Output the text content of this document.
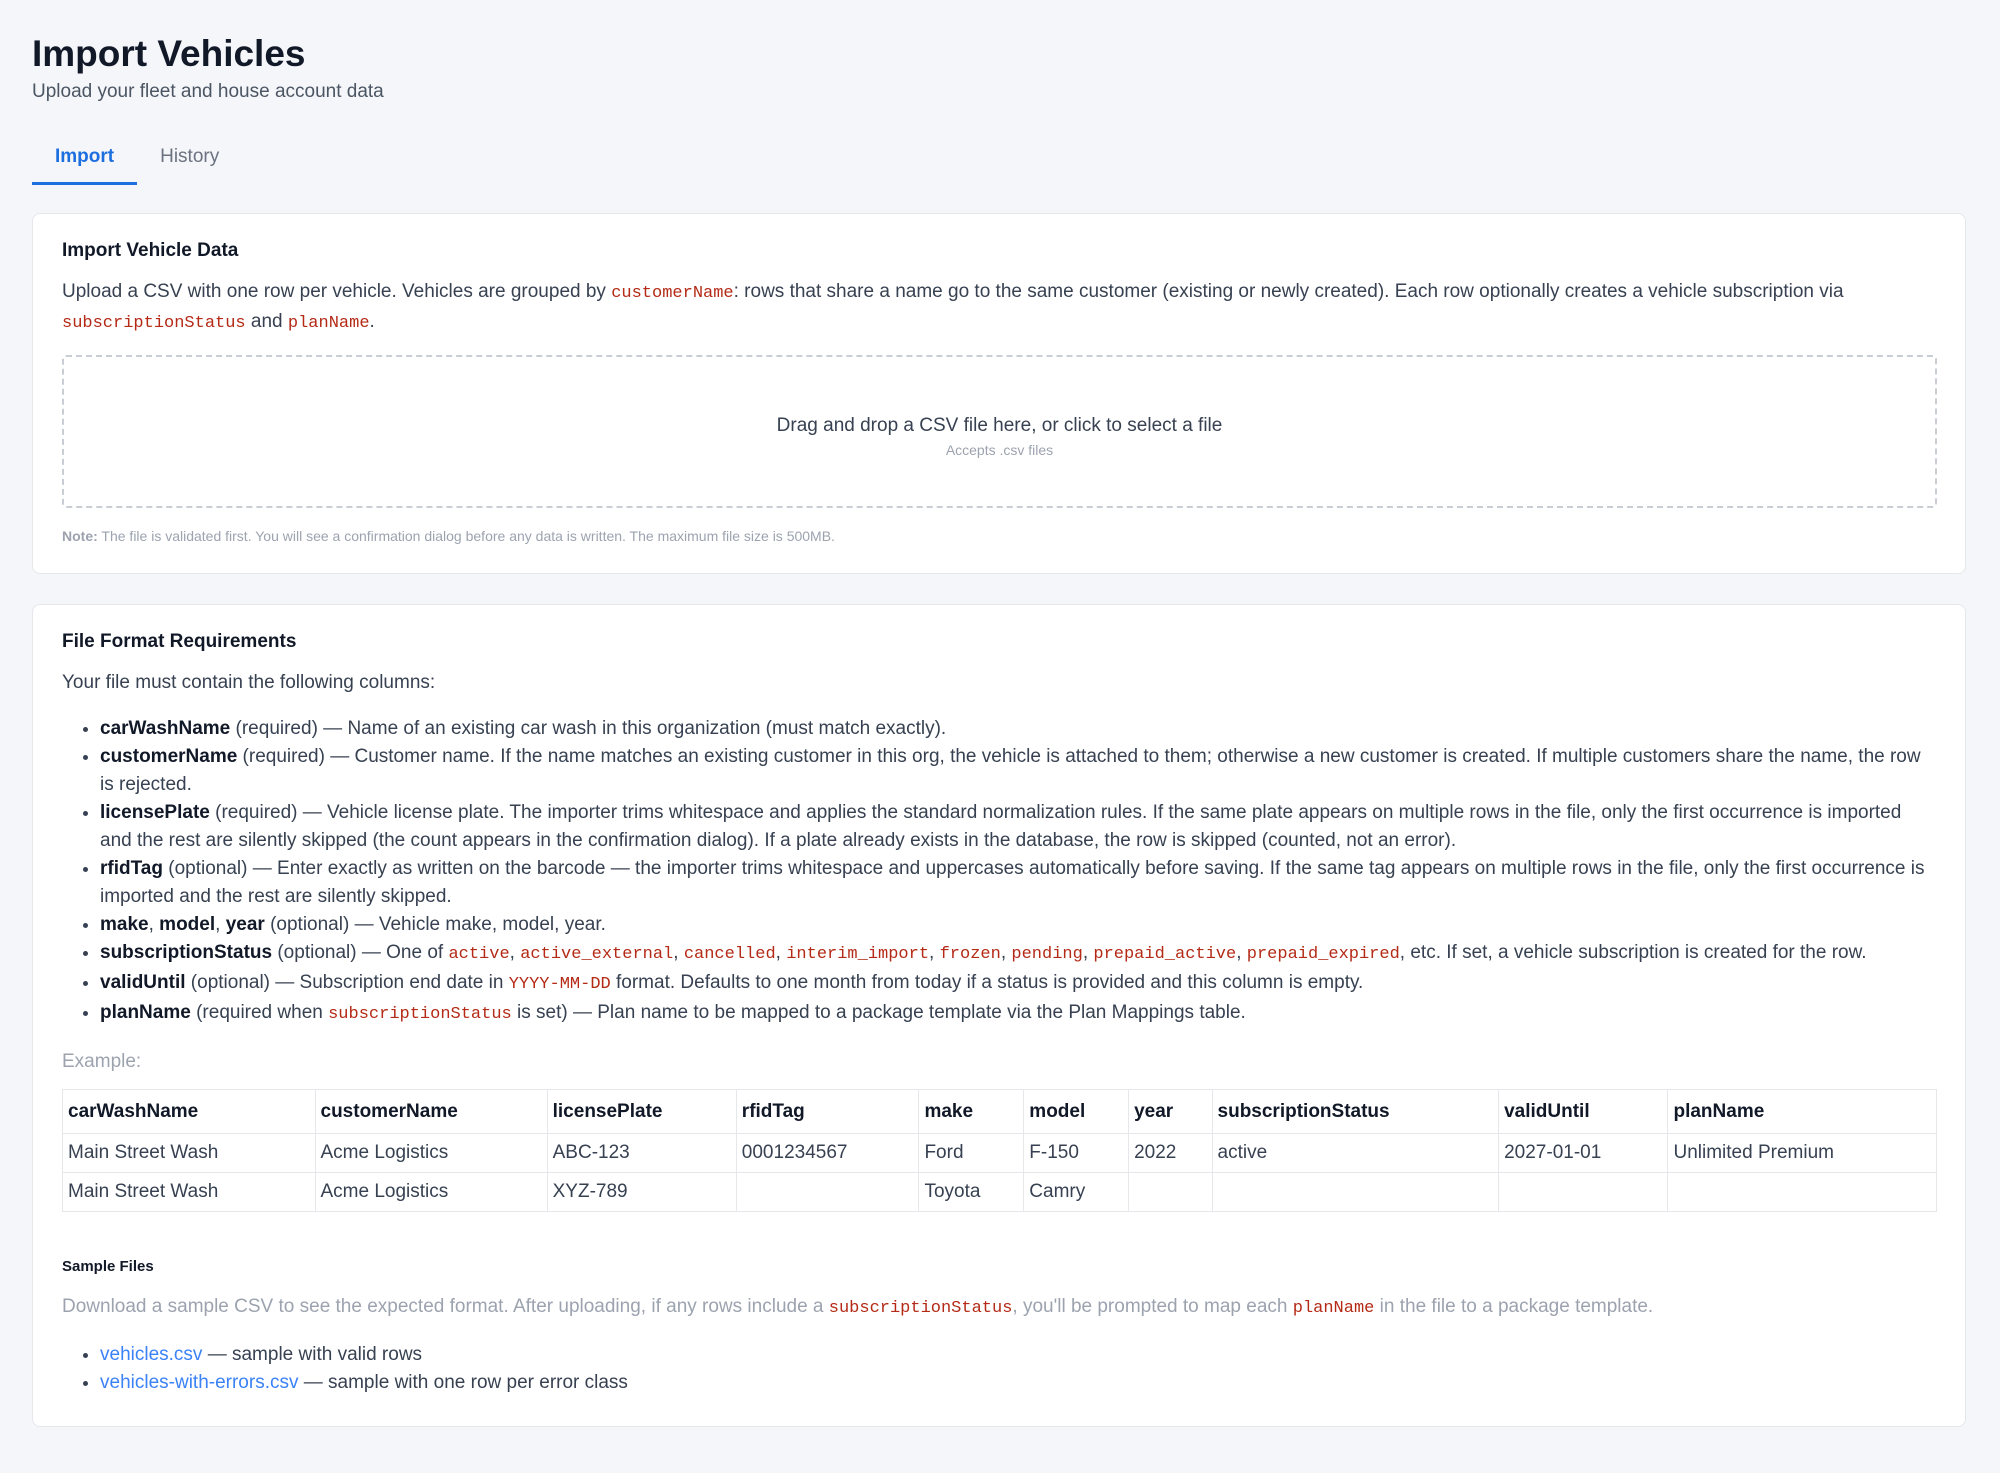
Import Vehicles
Upload your fleet and house account data
Import	History
Import Vehicle Data
Upload a CSV with one row per vehicle. Vehicles are grouped by customerName: rows that share a name go to the same customer (existing or newly created). Each row optionally creates a vehicle subscription via subscriptionStatus and planName.
Drag and drop a CSV file here, or click to select a file
Accepts .csv files
Note: The file is validated first. You will see a confirmation dialog before any data is written. The maximum file size is 500MB.
File Format Requirements
Your file must contain the following columns:
• carWashName (required) — Name of an existing car wash in this organization (must match exactly).
• customerName (required) — Customer name. If the name matches an existing customer in this org, the vehicle is attached to them; otherwise a new customer is created. If multiple customers share the name, the row is rejected.
• licensePlate (required) — Vehicle license plate. The importer trims whitespace and applies the standard normalization rules. If the same plate appears on multiple rows in the file, only the first occurrence is imported and the rest are silently skipped (the count appears in the confirmation dialog). If a plate already exists in the database, the row is skipped (counted, not an error).
• rfidTag (optional) — Enter exactly as written on the barcode — the importer trims whitespace and uppercases automatically before saving. If the same tag appears on multiple rows in the file, only the first occurrence is imported and the rest are silently skipped.
• make, model, year (optional) — Vehicle make, model, year.
• subscriptionStatus (optional) — One of active, active_external, cancelled, interim_import, frozen, pending, prepaid_active, prepaid_expired, etc. If set, a vehicle subscription is created for the row.
• validUntil (optional) — Subscription end date in YYYY-MM-DD format. Defaults to one month from today if a status is provided and this column is empty.
• planName (required when subscriptionStatus is set) — Plan name to be mapped to a package template via the Plan Mappings table.
Example:
carWashName	customerName	licensePlate	rfidTag	make	model	year	subscriptionStatus	validUntil	planName
Main Street Wash	Acme Logistics	ABC-123	0001234567	Ford	F-150	2022	active	2027-01-01	Unlimited Premium
Main Street Wash	Acme Logistics	XYZ-789		Toyota	Camry				
Sample Files
Download a sample CSV to see the expected format. After uploading, if any rows include a subscriptionStatus, you'll be prompted to map each planName in the file to a package template.
• vehicles.csv — sample with valid rows
• vehicles-with-errors.csv — sample with one row per error class
